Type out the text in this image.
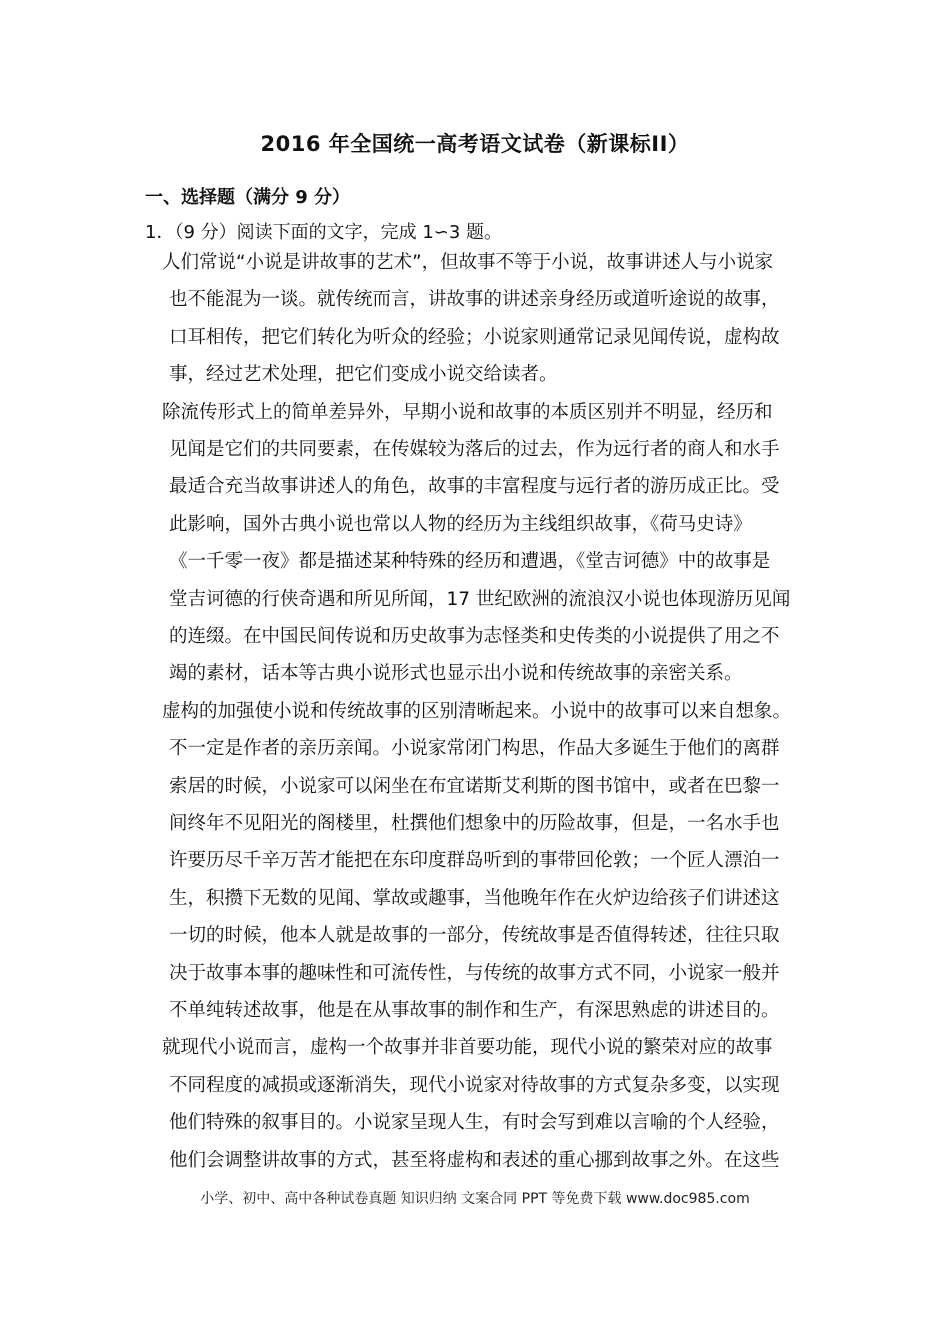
2016 年全国统一高考语文试卷（新课标II）
一、选择题（满分 9 分）
1．（9 分）阅读下面的文字，完成 1∽3 题。
人们常说“小说是讲故事的艺术”，但故事不等于小说，故事讲述人与小说家
也不能混为一谈。就传统而言，讲故事的讲述亲身经历或道听途说的故事，
口耳相传，把它们转化为听众的经验；小说家则通常记录见闻传说，虚构故
事，经过艺术处理，把它们变成小说交给读者。
除流传形式上的简单差异外，早期小说和故事的本质区别并不明显，经历和
见闻是它们的共同要素，在传媒较为落后的过去，作为远行者的商人和水手
最适合充当故事讲述人的角色，故事的丰富程度与远行者的游历成正比。受
此影响，国外古典小说也常以人物的经历为主线组织故事，《荷马史诗》
《一千零一夜》都是描述某种特殊的经历和遭遇，《堂吉诃德》中的故事是
堂吉诃德的行侠奇遇和所见所闻，17 世纪欧洲的流浪汉小说也体现游历见闻
的连缀。在中国民间传说和历史故事为志怪类和史传类的小说提供了用之不
竭的素材，话本等古典小说形式也显示出小说和传统故事的亲密关系。
虚构的加强使小说和传统故事的区别清晰起来。小说中的故事可以来自想象。
不一定是作者的亲历亲闻。小说家常闭门构思，作品大多诞生于他们的离群
索居的时候，小说家可以闲坐在布宜诺斯艾利斯的图书馆中，或者在巴黎一
间终年不见阳光的阁楼里，杜撰他们想象中的历险故事，但是，一名水手也
许要历尽千辛万苦才能把在东印度群岛听到的事带回伦敦；一个匠人漂泊一
生，积攒下无数的见闻、掌故或趣事，当他晚年作在火炉边给孩子们讲述这
一切的时候，他本人就是故事的一部分，传统故事是否值得转述，往往只取
决于故事本事的趣味性和可流传性，与传统的故事方式不同，小说家一般并
不单纯转述故事，他是在从事故事的制作和生产，有深思熟虑的讲述目的。
就现代小说而言，虚构一个故事并非首要功能，现代小说的繁荣对应的故事
不同程度的减损或逐渐消失，现代小说家对待故事的方式复杂多变，以实现
他们特殊的叙事目的。小说家呈现人生，有时会写到难以言喻的个人经验，
他们会调整讲故事的方式，甚至将虚构和表述的重心挪到故事之外。在这些
小学、初中、高中各种试卷真题 知识归纳 文案合同 PPT 等免费下载 www.doc985.com
